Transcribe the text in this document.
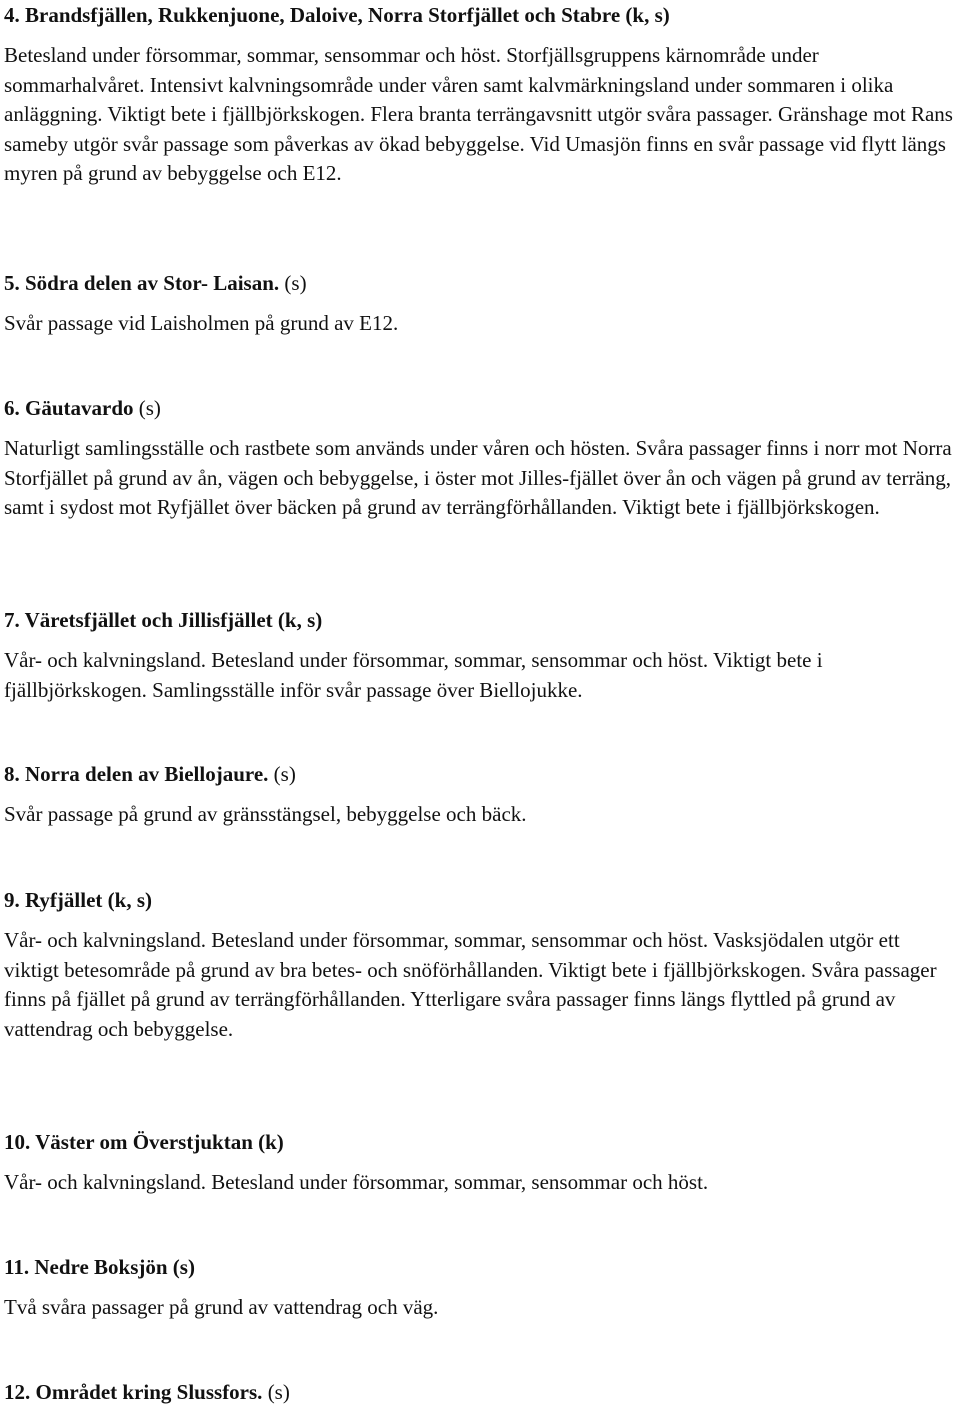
4. Brandsfjällen, Rukkenjuone, Daloive, Norra Storfjället och Stabre (k, s)

Betesland under försommar, sommar, sensommar och höst. Storfjällsgruppens kärnområde under sommarhalvåret. Intensivt kalvningsområde under våren samt kalvmärkningsland under sommaren i olika anläggning. Viktigt bete i fjällbjörkskogen. Flera branta terrängavsnitt utgör svåra passager. Gränshage mot Rans sameby utgör svår passage som påverkas av ökad bebyggelse. Vid Umasjön finns en svår passage vid flytt längs myren på grund av bebyggelse och E12.

5. Södra delen av Stor- Laisan. (s)

Svår passage vid Laisholmen på grund av E12.

6. Gäutavardo (s)

Naturligt samlingsställe och rastbete som används under våren och hösten. Svåra passager finns i norr mot Norra Storfjället på grund av ån, vägen och bebyggelse, i öster mot Jilles-fjället över ån och vägen på grund av terräng, samt i sydost mot Ryfjället över bäcken på grund av terrängförhållanden. Viktigt bete i fjällbjörkskogen.

7. Väretsfjället och Jillisfjället (k, s)

Vår- och kalvningsland. Betesland under försommar, sommar, sensommar och höst. Viktigt bete i fjällbjörkskogen. Samlingsställe inför svår passage över Biellojukke.

8. Norra delen av Biellojaure. (s)

Svår passage på grund av gränsstängsel, bebyggelse och bäck.

9. Ryfjället (k, s)

Vår- och kalvningsland. Betesland under försommar, sommar, sensommar och höst. Vasksjödalen utgör ett viktigt betesområde på grund av bra betes- och snöförhållanden. Viktigt bete i fjällbjörkskogen. Svåra passager finns på fjället på grund av terrängförhållanden. Ytterligare svåra passager finns längs flyttled på grund av vattendrag och bebyggelse.

10. Väster om Överstjuktan (k)

Vår- och kalvningsland. Betesland under försommar, sommar, sensommar och höst.

11. Nedre Boksjön (s)

Två svåra passager på grund av vattendrag och väg.

12. Området kring Slussfors. (s)
